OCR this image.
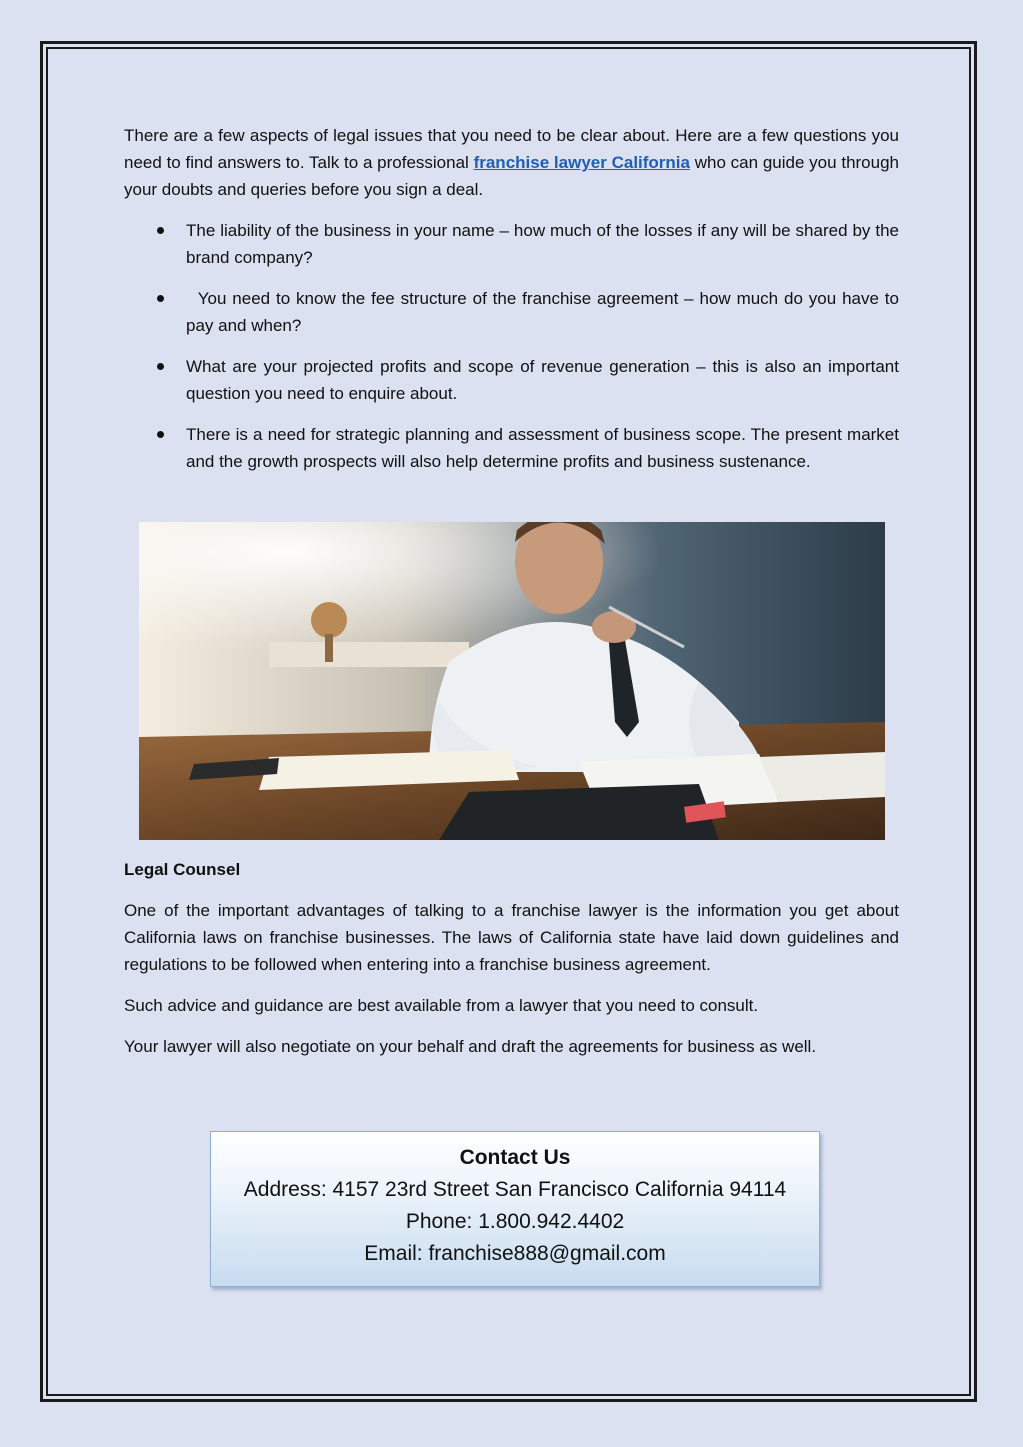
There are a few aspects of legal issues that you need to be clear about. Here are a few questions you need to find answers to. Talk to a professional franchise lawyer California who can guide you through your doubts and queries before you sign a deal.

The liability of the business in your name – how much of the losses if any will be shared by the brand company?
You need to know the fee structure of the franchise agreement – how much do you have to pay and when?
What are your projected profits and scope of revenue generation – this is also an important question you need to enquire about.
There is a need for strategic planning and assessment of business scope. The present market and the growth prospects will also help determine profits and business sustenance.
Legal Counsel

One of the important advantages of talking to a franchise lawyer is the information you get about California laws on franchise businesses. The laws of California state have laid down guidelines and regulations to be followed when entering into a franchise business agreement.

Such advice and guidance are best available from a lawyer that you need to consult.

Your lawyer will also negotiate on your behalf and draft the agreements for business as well.

Contact Us
Address: 4157 23rd Street San Francisco California 94114
Phone: 1.800.942.4402
Email: franchise888@gmail.com
